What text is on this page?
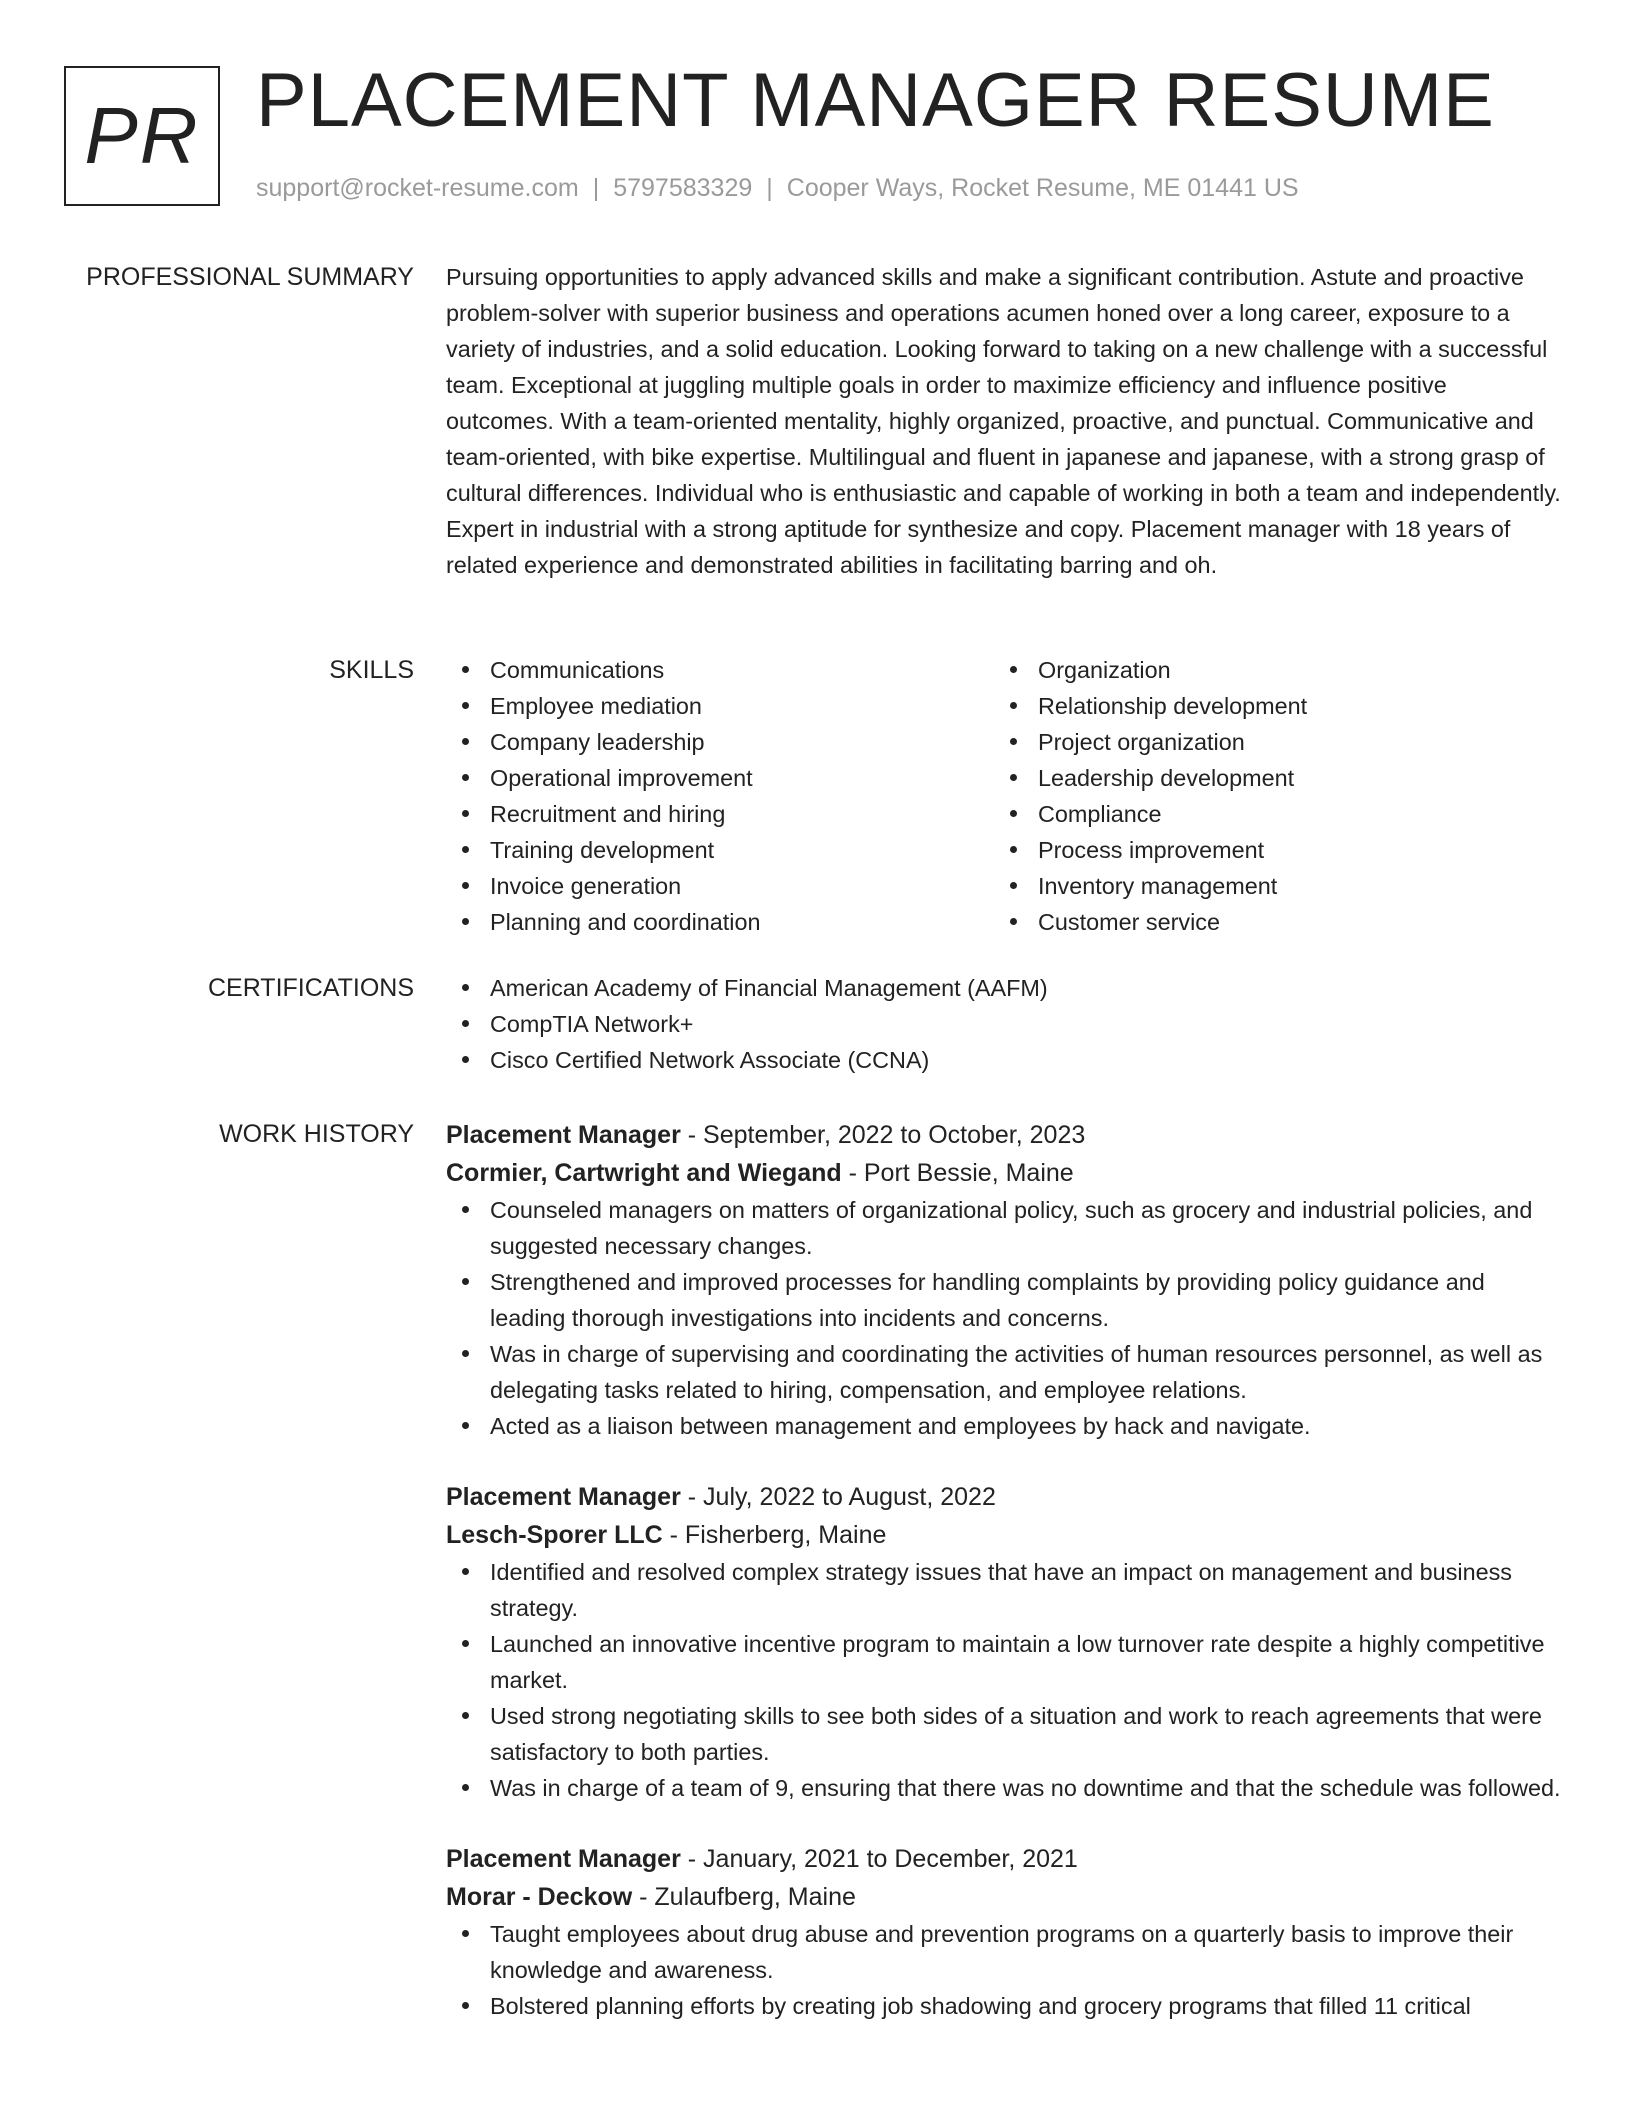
PR PLACEMENT MANAGER RESUME
support@rocket-resume.com | 5797583329 | Cooper Ways, Rocket Resume, ME 01441 US
PROFESSIONAL SUMMARY Pursuing opportunities to apply advanced skills and make a significant contribution. Astute and proactive problem-solver with superior business and operations acumen honed over a long career, exposure to a variety of industries, and a solid education. Looking forward to taking on a new challenge with a successful team. Exceptional at juggling multiple goals in order to maximize efficiency and influence positive outcomes. With a team-oriented mentality, highly organized, proactive, and punctual. Communicative and team-oriented, with bike expertise. Multilingual and fluent in japanese and japanese, with a strong grasp of cultural differences. Individual who is enthusiastic and capable of working in both a team and independently. Expert in industrial with a strong aptitude for synthesize and copy. Placement manager with 18 years of related experience and demonstrated abilities in facilitating barring and oh.

SKILLS	Communications
Employee mediation
Company leadership
Operational improvement
Recruitment and hiring
Training development
Invoice generation
Planning and coordination
Organization
Relationship development
Project organization
Leadership development
Compliance
Process improvement
Inventory management
Customer service
CERTIFICATIONS	American Academy of Financial Management (AAFM)
CompTIA Network+
Cisco Certified Network Associate (CCNA)
WORK HISTORY Placement Manager - September, 2022 to October, 2023
Cormier, Cartwright and Wiegand - Port Bessie, Maine
Counseled managers on matters of organizational policy, such as grocery and industrial policies, and suggested necessary changes.
Strengthened and improved processes for handling complaints by providing policy guidance and leading thorough investigations into incidents and concerns.
Was in charge of supervising and coordinating the activities of human resources personnel, as well as delegating tasks related to hiring, compensation, and employee relations.
Acted as a liaison between management and employees by hack and navigate.
Placement Manager - July, 2022 to August, 2022
Lesch-Sporer LLC - Fisherberg, Maine
Identified and resolved complex strategy issues that have an impact on management and business strategy.
Launched an innovative incentive program to maintain a low turnover rate despite a highly competitive market.
Used strong negotiating skills to see both sides of a situation and work to reach agreements that were satisfactory to both parties.
Was in charge of a team of 9, ensuring that there was no downtime and that the schedule was followed.
Placement Manager - January, 2021 to December, 2021
Morar - Deckow - Zulaufberg, Maine
Taught employees about drug abuse and prevention programs on a quarterly basis to improve their knowledge and awareness.
Bolstered planning efforts by creating job shadowing and grocery programs that filled 11 critical
